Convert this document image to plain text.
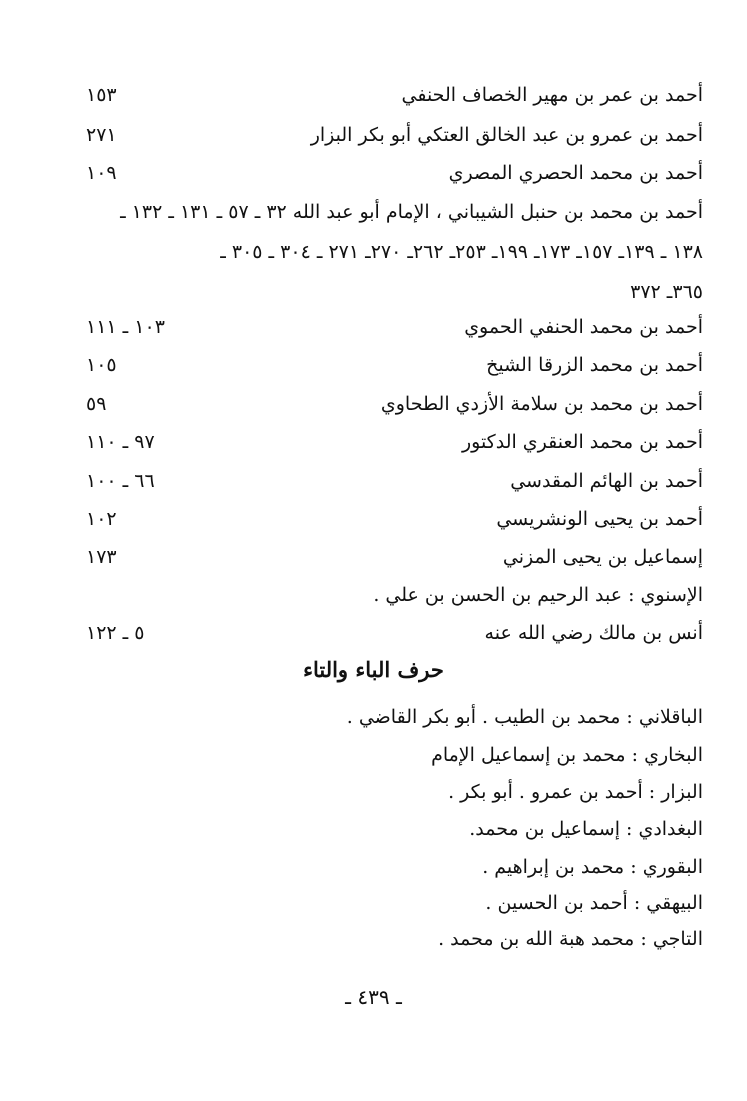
أحمد بن عمر بن مهير الخصاف الحنفي
١٥٣
أحمد بن عمرو بن عبد الخالق العتكي أبو بكر البزار
٢٧١
أحمد بن محمد الحصري المصري
١٠٩
أحمد بن محمد بن حنبل الشيباني ، الإمام أبو عبد الله ٣٢ ـ ٥٧ ـ ١٣١ ـ ١٣٢ ـ
١٣٨ ـ ١٣٩ـ ١٥٧ـ ١٧٣ـ ١٩٩ـ ٢٥٣ـ ٢٦٢ـ ٢٧٠ـ ٢٧١ ـ ٣٠٤ ـ ٣٠٥ ـ
٣٦٥ـ ٣٧٢
أحمد بن محمد الحنفي الحموي
١٠٣ ـ ١١١
أحمد بن محمد الزرقا الشيخ
١٠٥
أحمد بن محمد بن سلامة الأزدي الطحاوي
٥٩
أحمد بن محمد العنقري الدكتور
٩٧ ـ ١١٠
أحمد بن الهائم المقدسي
٦٦ ـ ١٠٠
أحمد بن يحيى الونشريسي
١٠٢
إسماعيل بن يحيى المزني
١٧٣
الإسنوي : عبد الرحيم بن الحسن بن علي .
أنس بن مالك رضي الله عنه
٥ ـ ١٢٢
حرف الباء والتاء
الباقلاني : محمد بن الطيب . أبو بكر القاضي .
البخاري : محمد بن إسماعيل الإمام
البزار : أحمد بن عمرو . أبو بكر .
البغدادي : إسماعيل بن محمد.
البقوري : محمد بن إبراهيم .
البيهقي : أحمد بن الحسين .
التاجي : محمد هبة الله بن محمد .
ـ ٤٣٩ ـ
